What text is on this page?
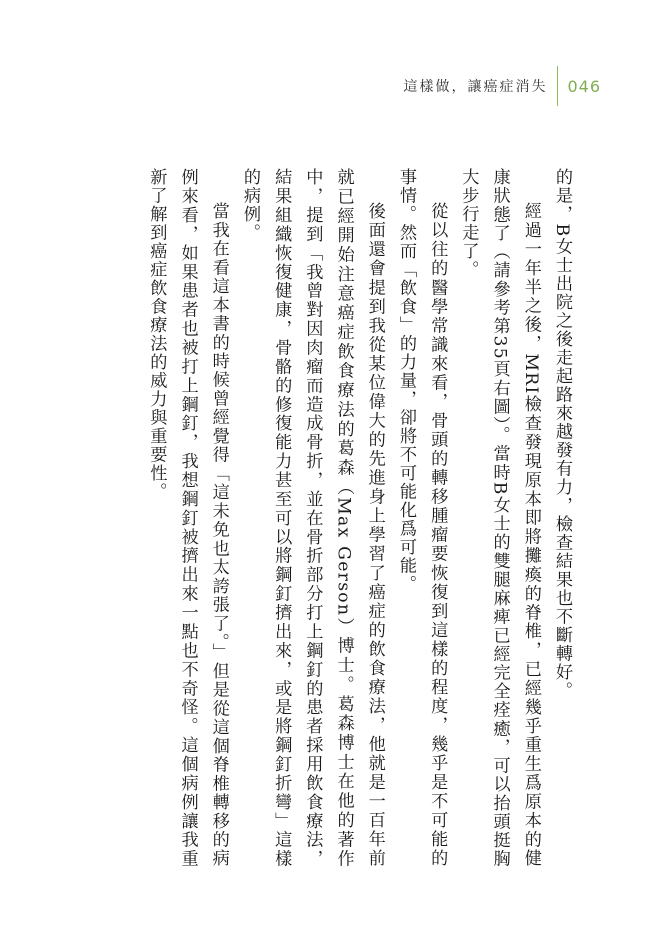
這樣做，讓癌症消失 046

的是，B女士出院之後走起路來越發有力，檢查結果也不斷轉好。

經過一年半之後，MRI檢查發現原本即將攤瘓的脊椎，已經幾乎重生爲原本的健康狀態了（請參考第35頁右圖）。當時B女士的雙腿麻痺已經完全痊癒，可以抬頭挺胸大步行走了。

從以往的醫學常識來看，骨頭的轉移腫瘤要恢復到這樣的程度，幾乎是不可能的事情。然而「飲食」的力量，卻將不可能化爲可能。

後面還會提到我從某位偉大的先進身上學習了癌症的飲食療法，他就是一百年前就已經開始注意癌症飲食療法的葛森（Max Gerson）博士。葛森博士在他的著作中，提到「我曾對因肉瘤而造成骨折，並在骨折部分打上鋼釘的患者採用飲食療法，結果組織恢復健康，骨骼的修復能力甚至可以將鋼釘擠出來，或是將鋼釘折彎」這樣的病例。

當我在看這本書的時候曾經覺得「這未免也太誇張了。」但是從這個脊椎轉移的病例來看，如果患者也被打上鋼釘，我想鋼釘被擠出來一點也不奇怪。這個病例讓我重新了解到癌症飲食療法的威力與重要性。
